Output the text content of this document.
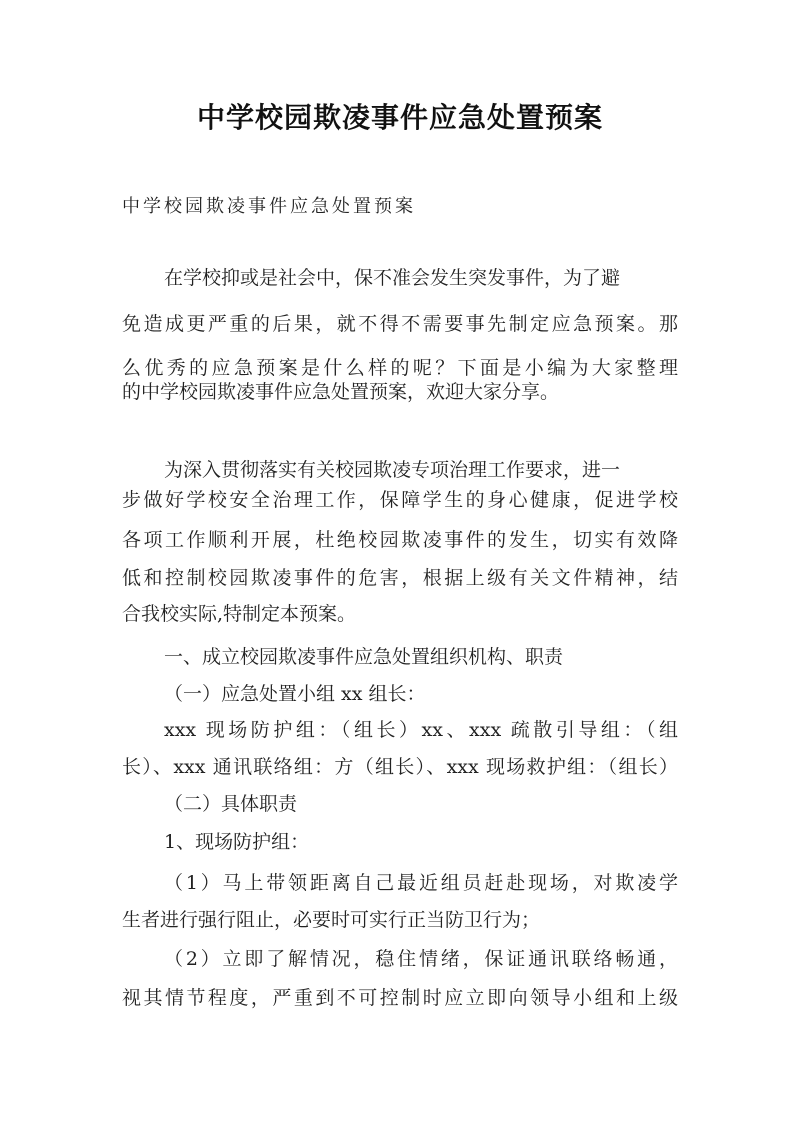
中学校园欺凌事件应急处置预案
中学校园欺凌事件应急处置预案
在学校抑或是社会中，保不准会发生突发事件，为了避
免造成更严重的后果，就不得不需要事先制定应急预案。那
么优秀的应急预案是什么样的呢？下面是小编为大家整理
的中学校园欺凌事件应急处置预案，欢迎大家分享。
为深入贯彻落实有关校园欺凌专项治理工作要求，进一
步做好学校安全治理工作，保障学生的身心健康，促进学校
各项工作顺利开展，杜绝校园欺凌事件的发生，切实有效降
低和控制校园欺凌事件的危害，根据上级有关文件精神，结
合我校实际,特制定本预案。
一、成立校园欺凌事件应急处置组织机构、职责
（一）应急处置小组 xx 组长：
xxx 现场防护组：（组长）xx、xxx 疏散引导组：（组
长）、xxx 通讯联络组：方（组长）、xxx 现场救护组：（组长）
（二）具体职责
1、现场防护组：
（1）马上带领距离自己最近组员赶赴现场，对欺凌学
生者进行强行阻止，必要时可实行正当防卫行为；
（2）立即了解情况，稳住情绪，保证通讯联络畅通，
视其情节程度，严重到不可控制时应立即向领导小组和上级
